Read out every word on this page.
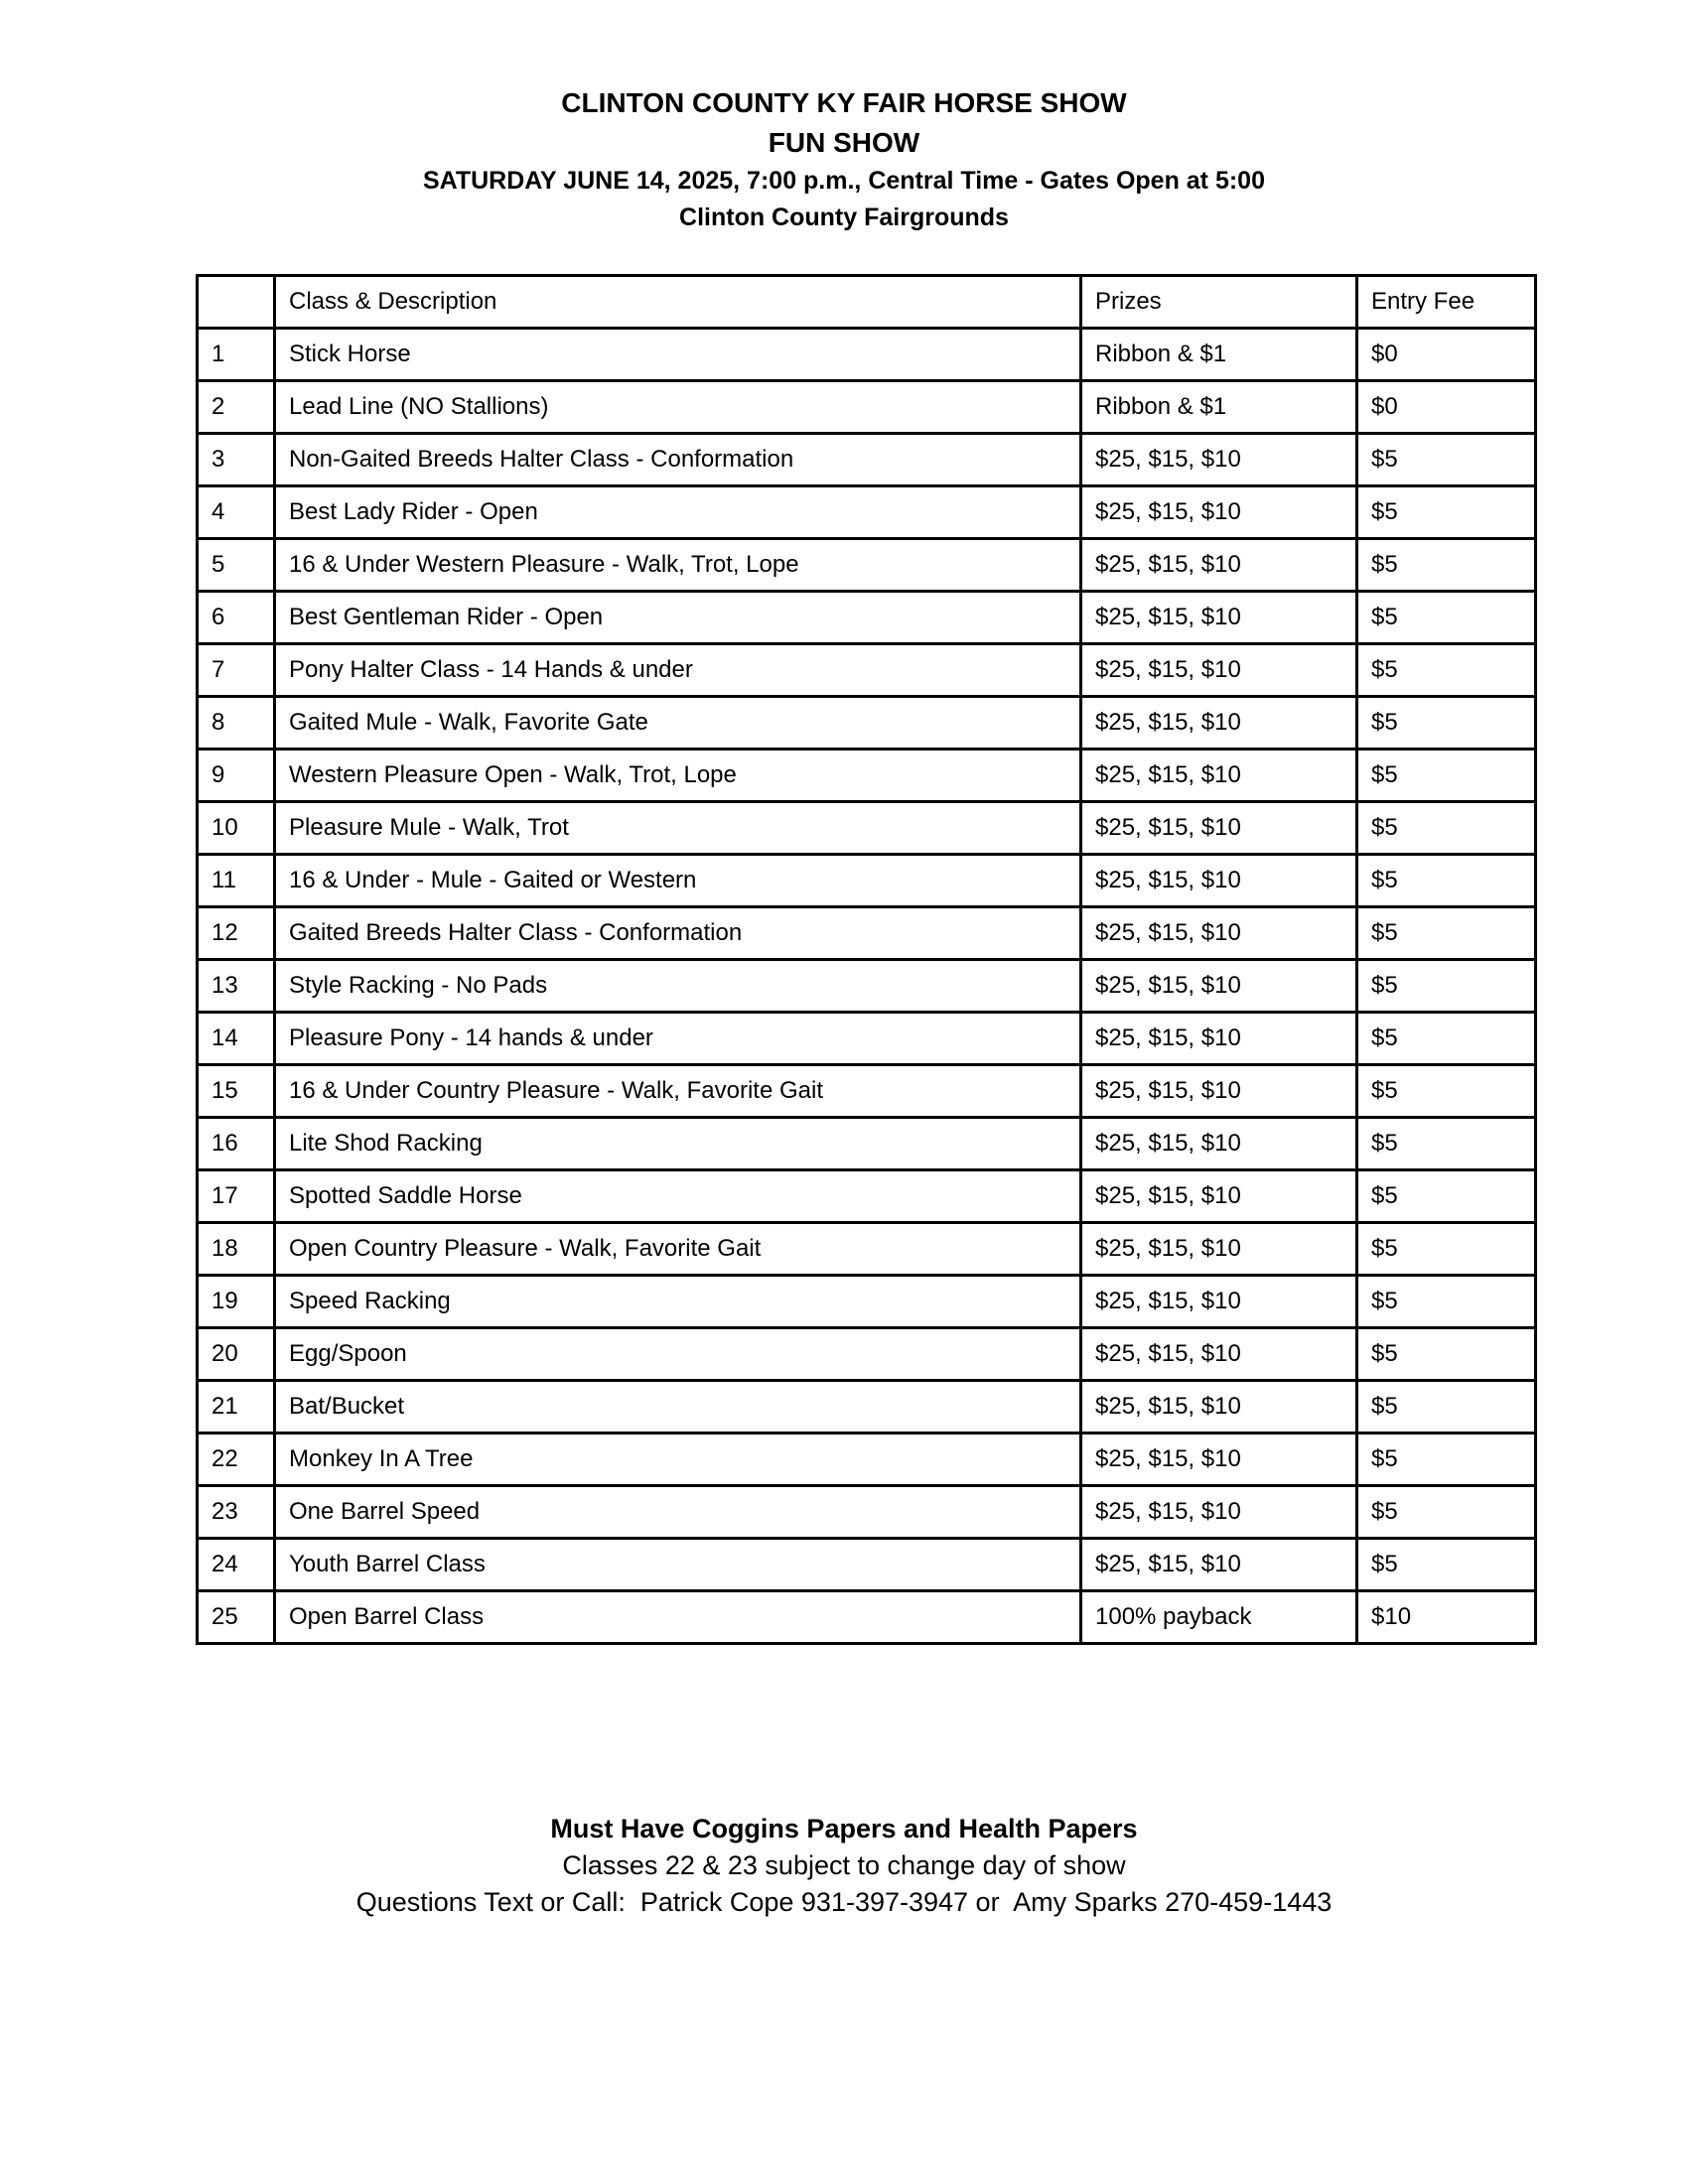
CLINTON COUNTY KY FAIR HORSE SHOW

FUN SHOW

SATURDAY JUNE 14, 2025, 7:00 p.m., Central Time - Gates Open at 5:00

Clinton County Fairgrounds

	Class & Description	Prizes	Entry Fee
1	Stick Horse	Ribbon & $1	$0
2	Lead Line (NO Stallions)	Ribbon & $1	$0
3	Non-Gaited Breeds Halter Class - Conformation	$25, $15, $10	$5
4	Best Lady Rider - Open	$25, $15, $10	$5
5	16 & Under Western Pleasure - Walk, Trot, Lope	$25, $15, $10	$5
6	Best Gentleman Rider - Open	$25, $15, $10	$5
7	Pony Halter Class - 14 Hands & under	$25, $15, $10	$5
8	Gaited Mule - Walk, Favorite Gate	$25, $15, $10	$5
9	Western Pleasure Open - Walk, Trot, Lope	$25, $15, $10	$5
10	Pleasure Mule - Walk, Trot	$25, $15, $10	$5
11	16 & Under - Mule - Gaited or Western	$25, $15, $10	$5
12	Gaited Breeds Halter Class - Conformation	$25, $15, $10	$5
13	Style Racking - No Pads	$25, $15, $10	$5
14	Pleasure Pony - 14 hands & under	$25, $15, $10	$5
15	16 & Under Country Pleasure - Walk, Favorite Gait	$25, $15, $10	$5
16	Lite Shod Racking	$25, $15, $10	$5
17	Spotted Saddle Horse	$25, $15, $10	$5
18	Open Country Pleasure - Walk, Favorite Gait	$25, $15, $10	$5
19	Speed Racking	$25, $15, $10	$5
20	Egg/Spoon	$25, $15, $10	$5
21	Bat/Bucket	$25, $15, $10	$5
22	Monkey In A Tree	$25, $15, $10	$5
23	One Barrel Speed	$25, $15, $10	$5
24	Youth Barrel Class	$25, $15, $10	$5
25	Open Barrel Class	100% payback	$10

Must Have Coggins Papers and Health Papers

Classes 22 & 23 subject to change day of show

Questions Text or Call:  Patrick Cope 931-397-3947 or  Amy Sparks 270-459-1443
